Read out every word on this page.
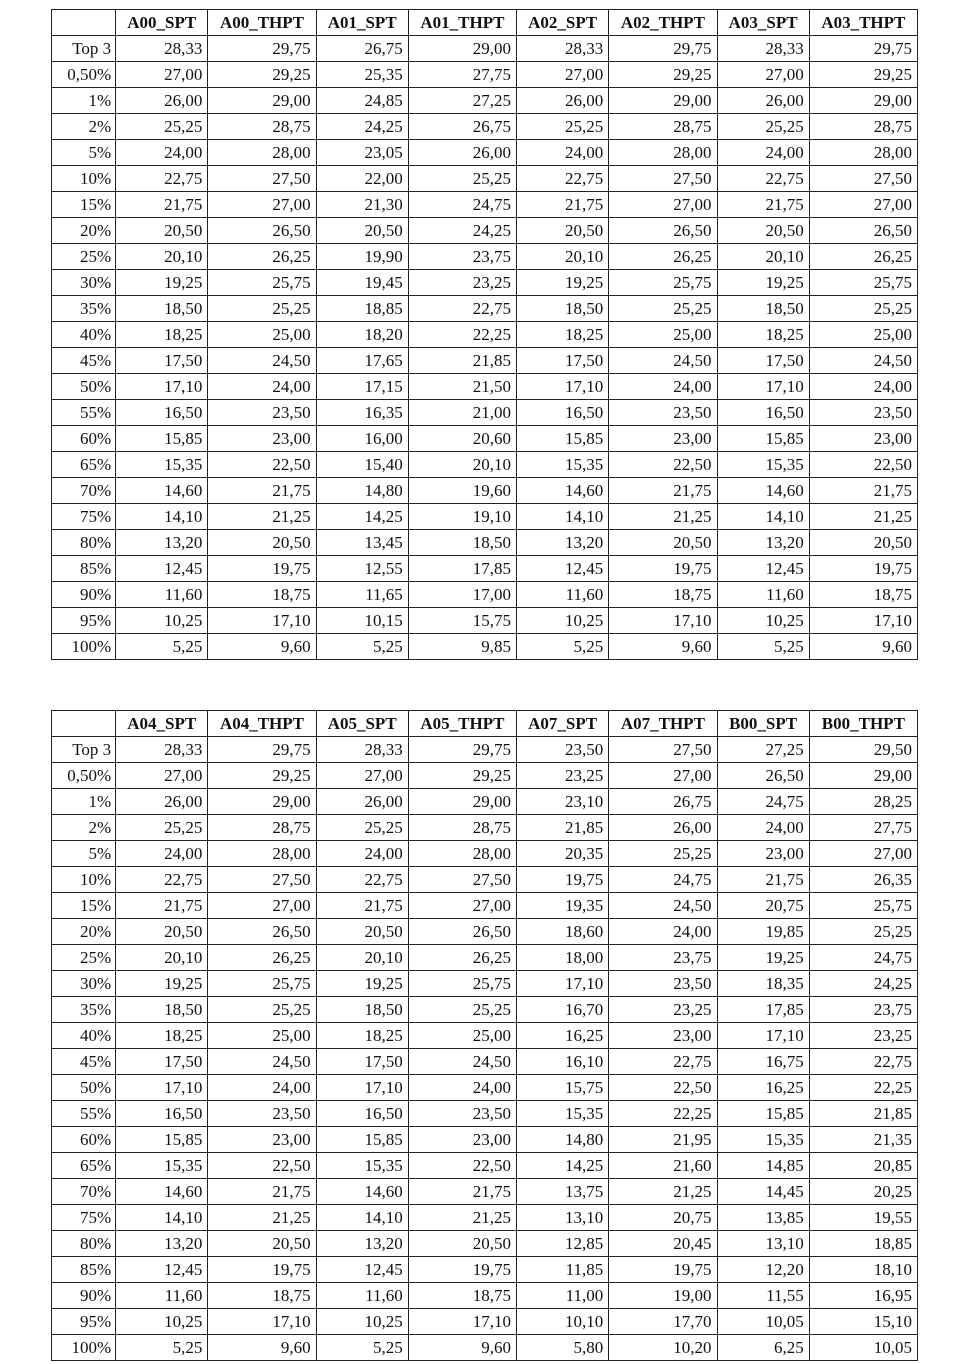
	A00_SPT	A00_THPT	A01_SPT	A01_THPT	A02_SPT	A02_THPT	A03_SPT	A03_THPT
Top 3	28,33	29,75	26,75	29,00	28,33	29,75	28,33	29,75
0,50%	27,00	29,25	25,35	27,75	27,00	29,25	27,00	29,25
1%	26,00	29,00	24,85	27,25	26,00	29,00	26,00	29,00
2%	25,25	28,75	24,25	26,75	25,25	28,75	25,25	28,75
5%	24,00	28,00	23,05	26,00	24,00	28,00	24,00	28,00
10%	22,75	27,50	22,00	25,25	22,75	27,50	22,75	27,50
15%	21,75	27,00	21,30	24,75	21,75	27,00	21,75	27,00
20%	20,50	26,50	20,50	24,25	20,50	26,50	20,50	26,50
25%	20,10	26,25	19,90	23,75	20,10	26,25	20,10	26,25
30%	19,25	25,75	19,45	23,25	19,25	25,75	19,25	25,75
35%	18,50	25,25	18,85	22,75	18,50	25,25	18,50	25,25
40%	18,25	25,00	18,20	22,25	18,25	25,00	18,25	25,00
45%	17,50	24,50	17,65	21,85	17,50	24,50	17,50	24,50
50%	17,10	24,00	17,15	21,50	17,10	24,00	17,10	24,00
55%	16,50	23,50	16,35	21,00	16,50	23,50	16,50	23,50
60%	15,85	23,00	16,00	20,60	15,85	23,00	15,85	23,00
65%	15,35	22,50	15,40	20,10	15,35	22,50	15,35	22,50
70%	14,60	21,75	14,80	19,60	14,60	21,75	14,60	21,75
75%	14,10	21,25	14,25	19,10	14,10	21,25	14,10	21,25
80%	13,20	20,50	13,45	18,50	13,20	20,50	13,20	20,50
85%	12,45	19,75	12,55	17,85	12,45	19,75	12,45	19,75
90%	11,60	18,75	11,65	17,00	11,60	18,75	11,60	18,75
95%	10,25	17,10	10,15	15,75	10,25	17,10	10,25	17,10
100%	5,25	9,60	5,25	9,85	5,25	9,60	5,25	9,60
	A04_SPT	A04_THPT	A05_SPT	A05_THPT	A07_SPT	A07_THPT	B00_SPT	B00_THPT
Top 3	28,33	29,75	28,33	29,75	23,50	27,50	27,25	29,50
0,50%	27,00	29,25	27,00	29,25	23,25	27,00	26,50	29,00
1%	26,00	29,00	26,00	29,00	23,10	26,75	24,75	28,25
2%	25,25	28,75	25,25	28,75	21,85	26,00	24,00	27,75
5%	24,00	28,00	24,00	28,00	20,35	25,25	23,00	27,00
10%	22,75	27,50	22,75	27,50	19,75	24,75	21,75	26,35
15%	21,75	27,00	21,75	27,00	19,35	24,50	20,75	25,75
20%	20,50	26,50	20,50	26,50	18,60	24,00	19,85	25,25
25%	20,10	26,25	20,10	26,25	18,00	23,75	19,25	24,75
30%	19,25	25,75	19,25	25,75	17,10	23,50	18,35	24,25
35%	18,50	25,25	18,50	25,25	16,70	23,25	17,85	23,75
40%	18,25	25,00	18,25	25,00	16,25	23,00	17,10	23,25
45%	17,50	24,50	17,50	24,50	16,10	22,75	16,75	22,75
50%	17,10	24,00	17,10	24,00	15,75	22,50	16,25	22,25
55%	16,50	23,50	16,50	23,50	15,35	22,25	15,85	21,85
60%	15,85	23,00	15,85	23,00	14,80	21,95	15,35	21,35
65%	15,35	22,50	15,35	22,50	14,25	21,60	14,85	20,85
70%	14,60	21,75	14,60	21,75	13,75	21,25	14,45	20,25
75%	14,10	21,25	14,10	21,25	13,10	20,75	13,85	19,55
80%	13,20	20,50	13,20	20,50	12,85	20,45	13,10	18,85
85%	12,45	19,75	12,45	19,75	11,85	19,75	12,20	18,10
90%	11,60	18,75	11,60	18,75	11,00	19,00	11,55	16,95
95%	10,25	17,10	10,25	17,10	10,10	17,70	10,05	15,10
100%	5,25	9,60	5,25	9,60	5,80	10,20	6,25	10,05
